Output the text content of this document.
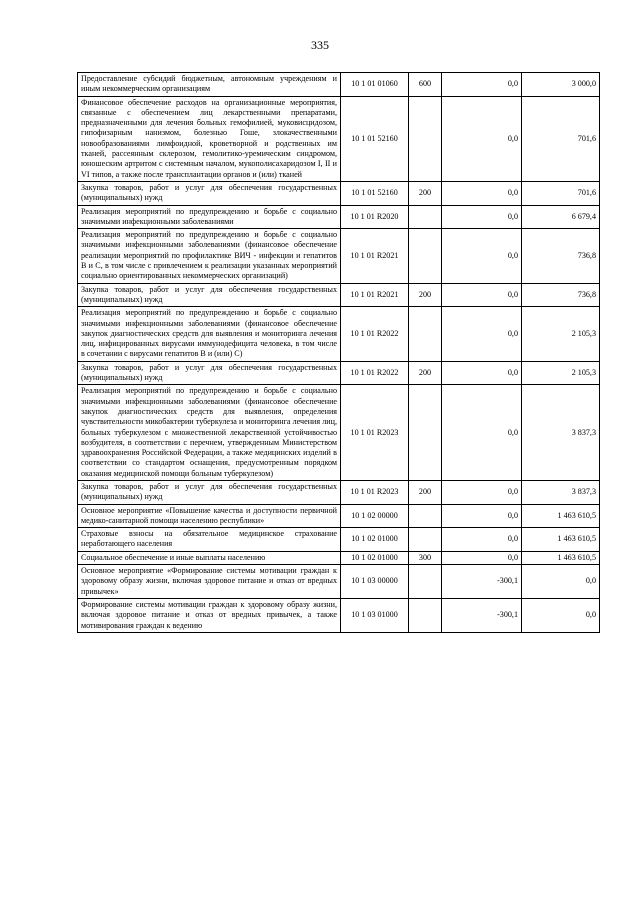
335
Предоставление субсидий бюджетным, автономным учреждениям и иным некоммерческим организациям	10 1 01 01060	600	0,0	3 000,0
Финансовое обеспечение расходов на организационные мероприятия, связанные с обеспечением лиц лекарственными препаратами, предназначенными для лечения больных гемофилией, муковисцидозом, гипофизарным нанизмом, болезнью Гоше, злокачественными новообразованиями лимфоидной, кроветворной и родственных им тканей, рассеянным склерозом, гемолитико-уремическим синдромом, юношеским артритом с системным началом, мукополисахаридозом I, II и VI типов, а также после трансплантации органов и (или) тканей	10 1 01 52160		0,0	701,6
Закупка товаров, работ и услуг для обеспечения государственных (муниципальных) нужд	10 1 01 52160	200	0,0	701,6
Реализация мероприятий по предупреждению и борьбе с социально значимыми инфекционными заболеваниями	10 1 01 R2020		0,0	6 679,4
Реализация мероприятий по предупреждению и борьбе с социально значимыми инфекционными заболеваниями (финансовое обеспечение реализации мероприятий по профилактике ВИЧ - инфекции и гепатитов В и С, в том числе с привлечением к реализации указанных мероприятий социально ориентированных некоммерческих организаций)	10 1 01 R2021		0,0	736,8
Закупка товаров, работ и услуг для обеспечения государственных (муниципальных) нужд	10 1 01 R2021	200	0,0	736,8
Реализация мероприятий по предупреждению и борьбе с социально значимыми инфекционными заболеваниями (финансовое обеспечение закупок диагностических средств для выявления и мониторинга лечения лиц, инфицированных вирусами иммунодефицита человека, в том числе в сочетании с вирусами гепатитов В и (или) С)	10 1 01 R2022		0,0	2 105,3
Закупка товаров, работ и услуг для обеспечения государственных (муниципальных) нужд	10 1 01 R2022	200	0,0	2 105,3
Реализация мероприятий по предупреждению и борьбе с социально значимыми инфекционными заболеваниями (финансовое обеспечение закупок диагностических средств для выявления, определения чувствительности микобактерии туберкулеза и мониторинга лечения лиц, больных туберкулезом с множественной лекарственной устойчивостью возбудителя, в соответствии с перечнем, утвержденным Министерством здравоохранения Российской Федерации, а также медицинских изделий в соответствии со стандартом оснащения, предусмотренным порядком оказания медицинской помощи больным туберкулезом)	10 1 01 R2023		0,0	3 837,3
Закупка товаров, работ и услуг для обеспечения государственных (муниципальных) нужд	10 1 01 R2023	200	0,0	3 837,3
Основное мероприятие «Повышение качества и доступности первичной медико-санитарной помощи населению республики»	10 1 02 00000		0,0	1 463 610,5
Страховые взносы на обязательное медицинское страхование неработающего населения	10 1 02 01000		0,0	1 463 610,5
Социальное обеспечение и иные выплаты населению	10 1 02 01000	300	0,0	1 463 610,5
Основное мероприятие «Формирование системы мотивации граждан к здоровому образу жизни, включая здоровое питание и отказ от вредных привычек»	10 1 03 00000		-300,1	0,0
Формирование системы мотивации граждан к здоровому образу жизни, включая здоровое питание и отказ от вредных привычек, а также мотивирования граждан к ведению	10 1 03 01000		-300,1	0,0
